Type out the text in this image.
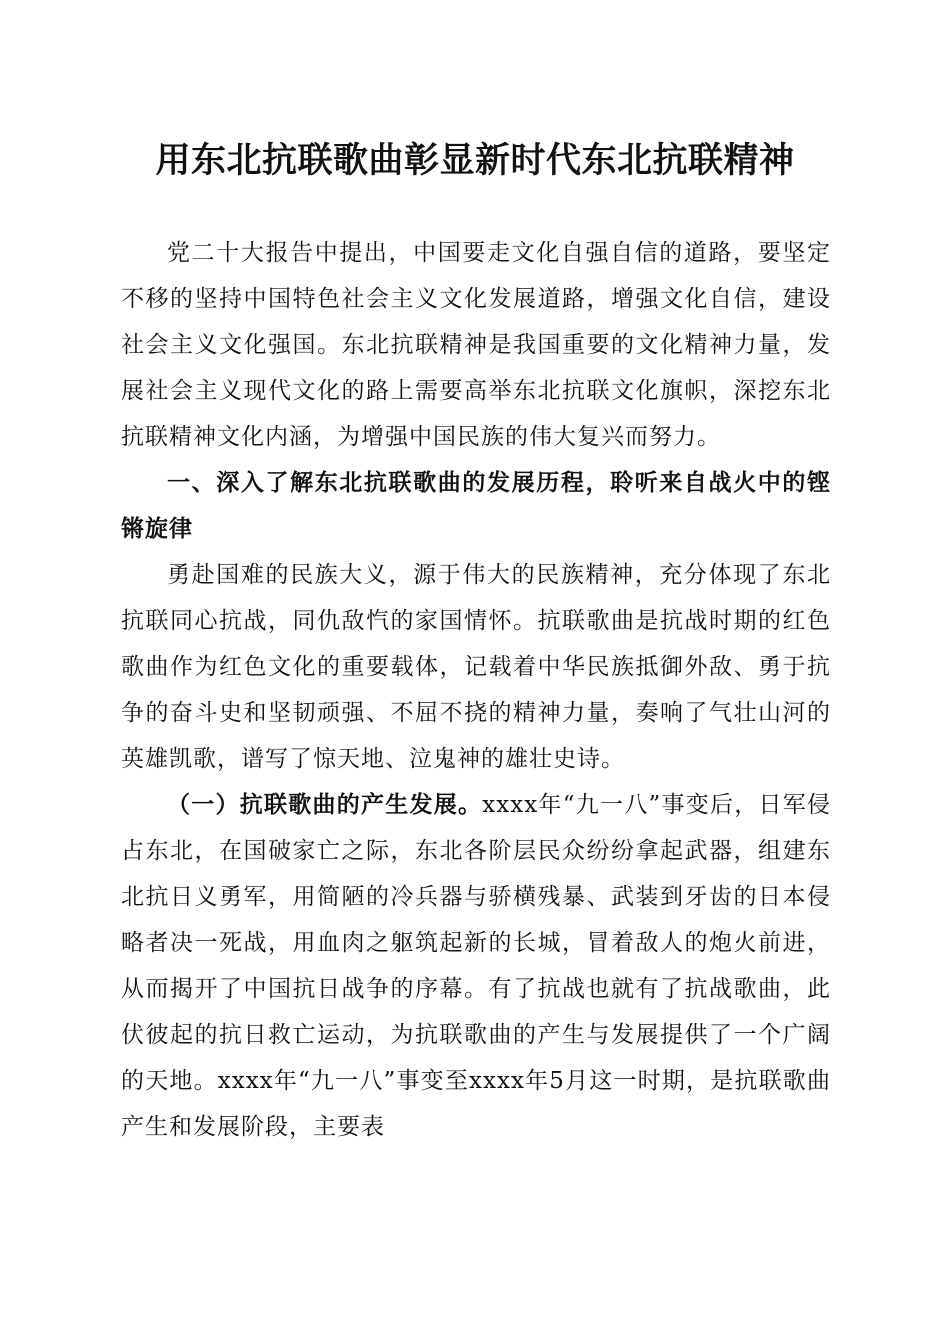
用东北抗联歌曲彰显新时代东北抗联精神

党二十大报告中提出，中国要走文化自强自信的道路，要坚定不移的坚持中国特色社会主义文化发展道路，增强文化自信，建设社会主义文化强国。东北抗联精神是我国重要的文化精神力量，发展社会主义现代文化的路上需要高举东北抗联文化旗帜，深挖东北抗联精神文化内涵，为增强中国民族的伟大复兴而努力。

一、深入了解东北抗联歌曲的发展历程，聆听来自战火中的铿锵旋律

勇赴国难的民族大义，源于伟大的民族精神，充分体现了东北抗联同心抗战，同仇敌忾的家国情怀。抗联歌曲是抗战时期的红色歌曲作为红色文化的重要载体，记载着中华民族抵御外敌、勇于抗争的奋斗史和坚韧顽强、不屈不挠的精神力量，奏响了气壮山河的英雄凯歌，谱写了惊天地、泣鬼神的雄壮史诗。

（一）抗联歌曲的产生发展。xxxx年“九一八”事变后，日军侵占东北，在国破家亡之际，东北各阶层民众纷纷拿起武器，组建东北抗日义勇军，用简陋的冷兵器与骄横残暴、武装到牙齿的日本侵略者决一死战，用血肉之躯筑起新的长城，冒着敌人的炮火前进，从而揭开了中国抗日战争的序幕。有了抗战也就有了抗战歌曲，此伏彼起的抗日救亡运动，为抗联歌曲的产生与发展提供了一个广阔的天地。xxxx年“九一八”事变至xxxx年5月这一时期，是抗联歌曲产生和发展阶段，主要表
